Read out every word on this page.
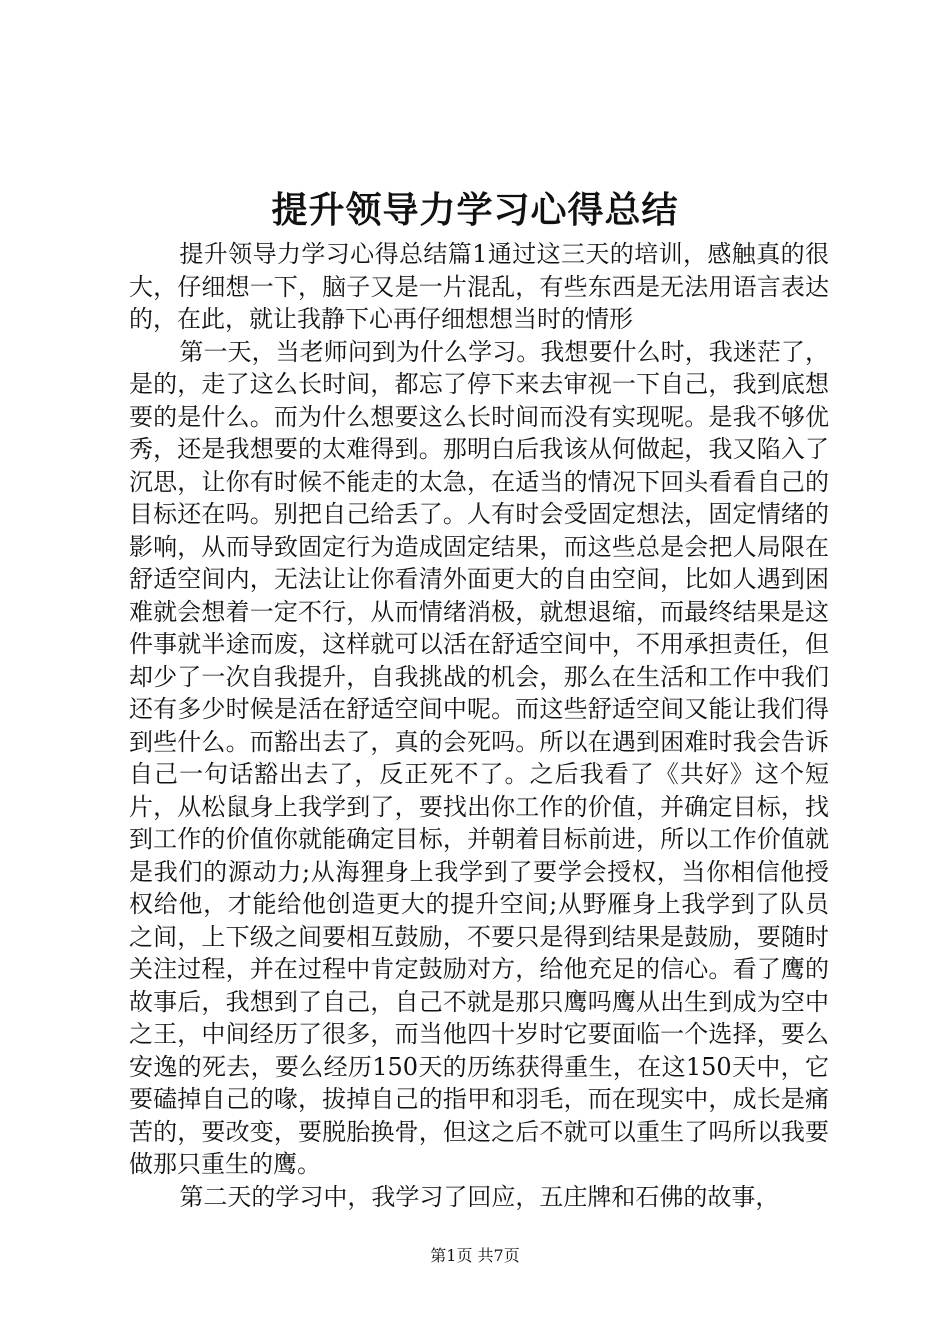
提升领导力学习心得总结

提升领导力学习心得总结篇1通过这三天的培训，感触真的很大，仔细想一下，脑子又是一片混乱，有些东西是无法用语言表达的，在此，就让我静下心再仔细想想当时的情形

第一天，当老师问到为什么学习。我想要什么时，我迷茫了，是的，走了这么长时间，都忘了停下来去审视一下自己，我到底想要的是什么。而为什么想要这么长时间而没有实现呢。是我不够优秀，还是我想要的太难得到。那明白后我该从何做起，我又陷入了沉思，让你有时候不能走的太急，在适当的情况下回头看看自己的目标还在吗。别把自己给丢了。人有时会受固定想法，固定情绪的影响，从而导致固定行为造成固定结果，而这些总是会把人局限在舒适空间内，无法让让你看清外面更大的自由空间，比如人遇到困难就会想着一定不行，从而情绪消极，就想退缩，而最终结果是这件事就半途而废，这样就可以活在舒适空间中，不用承担责任，但却少了一次自我提升，自我挑战的机会，那么在生活和工作中我们还有多少时候是活在舒适空间中呢。而这些舒适空间又能让我们得到些什么。而豁出去了，真的会死吗。所以在遇到困难时我会告诉自己一句话豁出去了，反正死不了。之后我看了《共好》这个短片，从松鼠身上我学到了，要找出你工作的价值，并确定目标，找到工作的价值你就能确定目标，并朝着目标前进，所以工作价值就是我们的源动力;从海狸身上我学到了要学会授权，当你相信他授权给他，才能给他创造更大的提升空间;从野雁身上我学到了队员之间，上下级之间要相互鼓励，不要只是得到结果是鼓励，要随时关注过程，并在过程中肯定鼓励对方，给他充足的信心。看了鹰的故事后，我想到了自己，自己不就是那只鹰吗鹰从出生到成为空中之王，中间经历了很多，而当他四十岁时它要面临一个选择，要么安逸的死去，要么经历150天的历练获得重生，在这150天中，它要磕掉自己的喙，拔掉自己的指甲和羽毛，而在现实中，成长是痛苦的，要改变，要脱胎换骨，但这之后不就可以重生了吗所以我要做那只重生的鹰。

第二天的学习中，我学习了回应，五庄牌和石佛的故事，

第1页 共7页
